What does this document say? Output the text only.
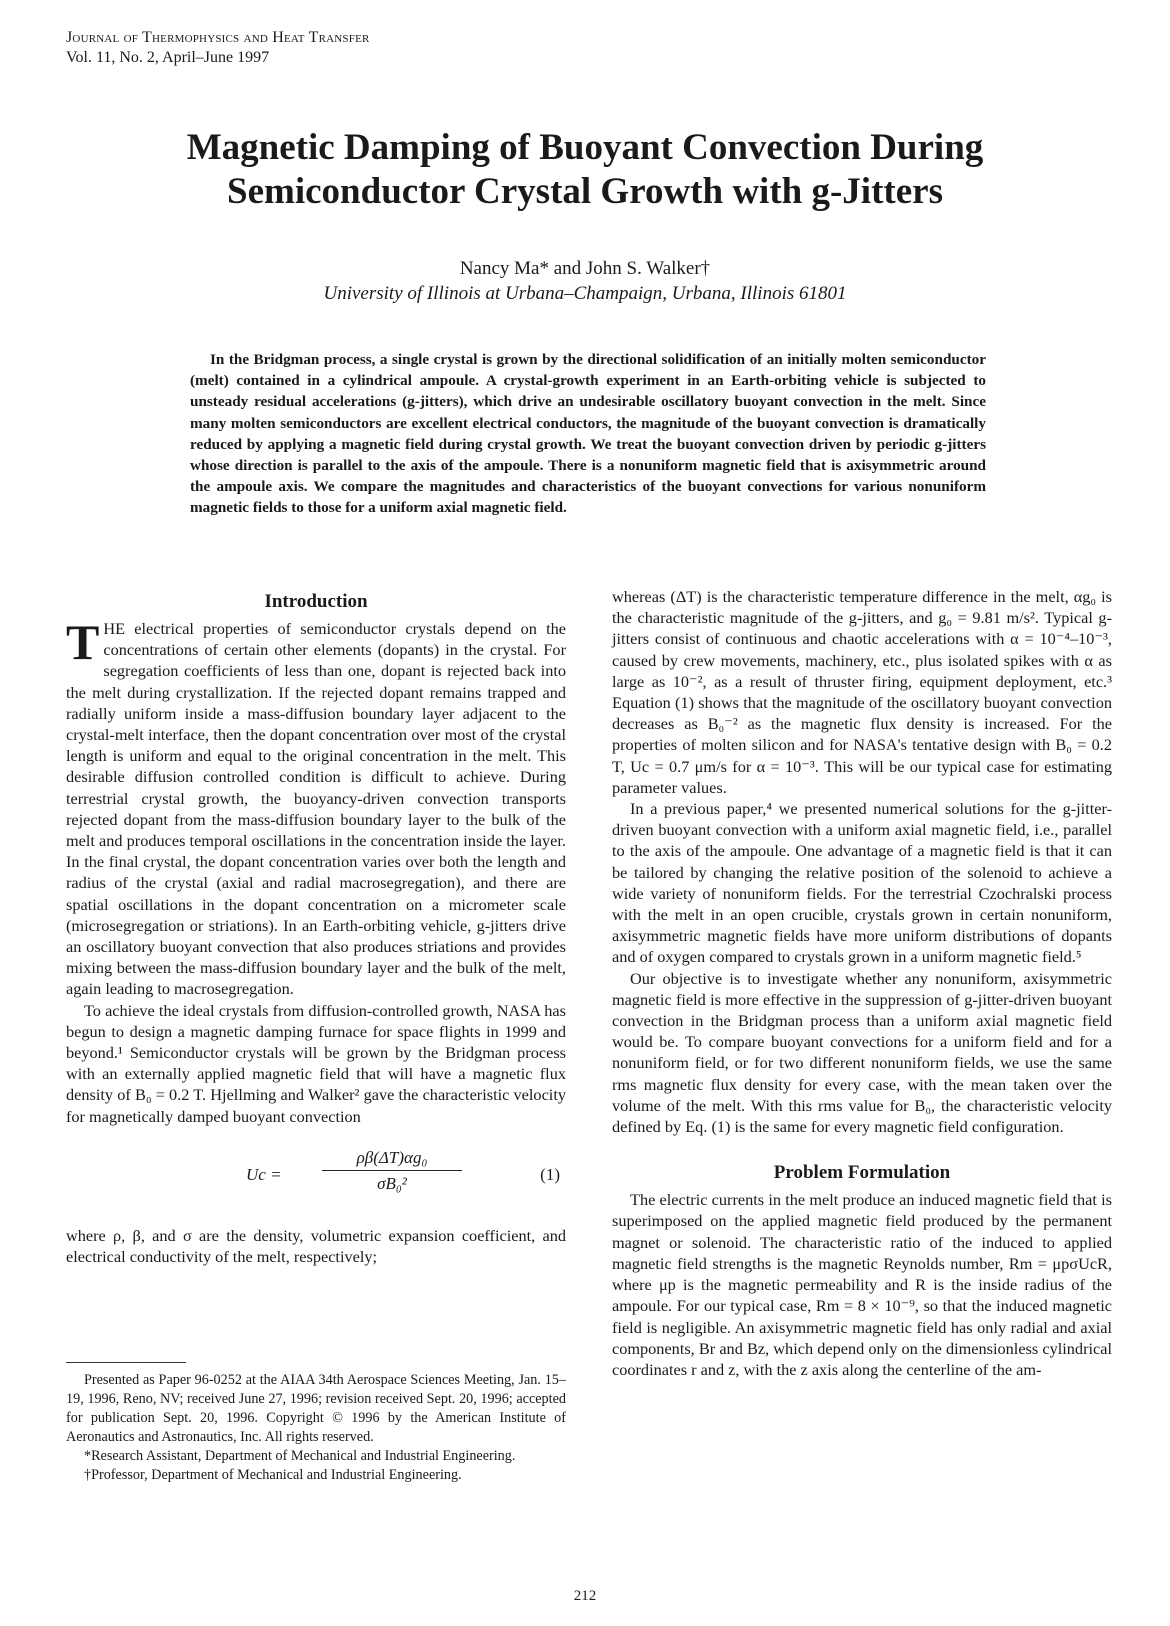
Journal of Thermophysics and Heat Transfer
Vol. 11, No. 2, April–June 1997
Magnetic Damping of Buoyant Convection During
Semiconductor Crystal Growth with g-Jitters
Nancy Ma* and John S. Walker†
University of Illinois at Urbana–Champaign, Urbana, Illinois 61801
In the Bridgman process, a single crystal is grown by the directional solidification of an initially molten semiconductor (melt) contained in a cylindrical ampoule. A crystal-growth experiment in an Earth-orbiting vehicle is subjected to unsteady residual accelerations (g-jitters), which drive an undesirable oscillatory buoyant convection in the melt. Since many molten semiconductors are excellent electrical conductors, the magnitude of the buoyant convection is dramatically reduced by applying a magnetic field during crystal growth. We treat the buoyant convection driven by periodic g-jitters whose direction is parallel to the axis of the ampoule. There is a nonuniform magnetic field that is axisymmetric around the ampoule axis. We compare the magnitudes and characteristics of the buoyant convections for various nonuniform magnetic fields to those for a uniform axial magnetic field.
Introduction

THE electrical properties of semiconductor crystals depend on the concentrations of certain other elements (dopants) in the crystal. For segregation coefficients of less than one, dopant is rejected back into the melt during crystallization. If the rejected dopant remains trapped and radially uniform inside a mass-diffusion boundary layer adjacent to the crystal-melt interface, then the dopant concentration over most of the crystal length is uniform and equal to the original concentration in the melt. This desirable diffusion controlled condition is difficult to achieve. During terrestrial crystal growth, the buoyancy-driven convection transports rejected dopant from the mass-diffusion boundary layer to the bulk of the melt and produces temporal oscillations in the concentration inside the layer. In the final crystal, the dopant concentration varies over both the length and radius of the crystal (axial and radial macrosegregation), and there are spatial oscillations in the dopant concentration on a micrometer scale (microsegregation or striations). In an Earth-orbiting vehicle, g-jitters drive an oscillatory buoyant convection that also produces striations and provides mixing between the mass-diffusion boundary layer and the bulk of the melt, again leading to macrosegregation.

To achieve the ideal crystals from diffusion-controlled growth, NASA has begun to design a magnetic damping furnace for space flights in 1999 and beyond.¹ Semiconductor crystals will be grown by the Bridgman process with an externally applied magnetic field that will have a magnetic flux density of B₀ = 0.2 T. Hjellming and Walker² gave the characteristic velocity for magnetically damped buoyant convection

$Uc = \frac{\text{ρβ(ΔT)αg₀}}{\text{σB₀²}}$	(1)

where ρ, β, and σ are the density, volumetric expansion coefficient, and electrical conductivity of the melt, respectively;

whereas (ΔT) is the characteristic temperature difference in the melt, αg₀ is the characteristic magnitude of the g-jitters, and g₀ = 9.81 m/s². Typical g-jitters consist of continuous and chaotic accelerations with α = 10⁻⁴–10⁻³, caused by crew movements, machinery, etc., plus isolated spikes with α as large as 10⁻², as a result of thruster firing, equipment deployment, etc.³ Equation (1) shows that the magnitude of the oscillatory buoyant convection decreases as B₀⁻² as the magnetic flux density is increased. For the properties of molten silicon and for NASA's tentative design with B₀ = 0.2 T, Uc = 0.7 μm/s for α = 10⁻³. This will be our typical case for estimating parameter values.

In a previous paper,⁴ we presented numerical solutions for the g-jitter-driven buoyant convection with a uniform axial magnetic field, i.e., parallel to the axis of the ampoule. One advantage of a magnetic field is that it can be tailored by changing the relative position of the solenoid to achieve a wide variety of nonuniform fields. For the terrestrial Czochralski process with the melt in an open crucible, crystals grown in certain nonuniform, axisymmetric magnetic fields have more uniform distributions of dopants and of oxygen compared to crystals grown in a uniform magnetic field.⁵

Our objective is to investigate whether any nonuniform, axisymmetric magnetic field is more effective in the suppression of g-jitter-driven buoyant convection in the Bridgman process than a uniform axial magnetic field would be. To compare buoyant convections for a uniform field and for a nonuniform field, or for two different nonuniform fields, we use the same rms magnetic flux density for every case, with the mean taken over the volume of the melt. With this rms value for B₀, the characteristic velocity defined by Eq. (1) is the same for every magnetic field configuration.

Problem Formulation

The electric currents in the melt produce an induced magnetic field that is superimposed on the applied magnetic field produced by the permanent magnet or solenoid. The characteristic ratio of the induced to applied magnetic field strengths is the magnetic Reynolds number, Rm = μpσUcR, where μp is the magnetic permeability and R is the inside radius of the ampoule. For our typical case, Rm = 8 × 10⁻⁹, so that the induced magnetic field is negligible. An axisymmetric magnetic field has only radial and axial components, Br and Bz, which depend only on the dimensionless cylindrical coordinates r and z, with the z axis along the centerline of the am-

Presented as Paper 96-0252 at the AIAA 34th Aerospace Sciences Meeting, Jan. 15–19, 1996, Reno, NV; received June 27, 1996; revision received Sept. 20, 1996; accepted for publication Sept. 20, 1996. Copyright © 1996 by the American Institute of Aeronautics and Astronautics, Inc. All rights reserved.

*Research Assistant, Department of Mechanical and Industrial Engineering.

†Professor, Department of Mechanical and Industrial Engineering.

212
